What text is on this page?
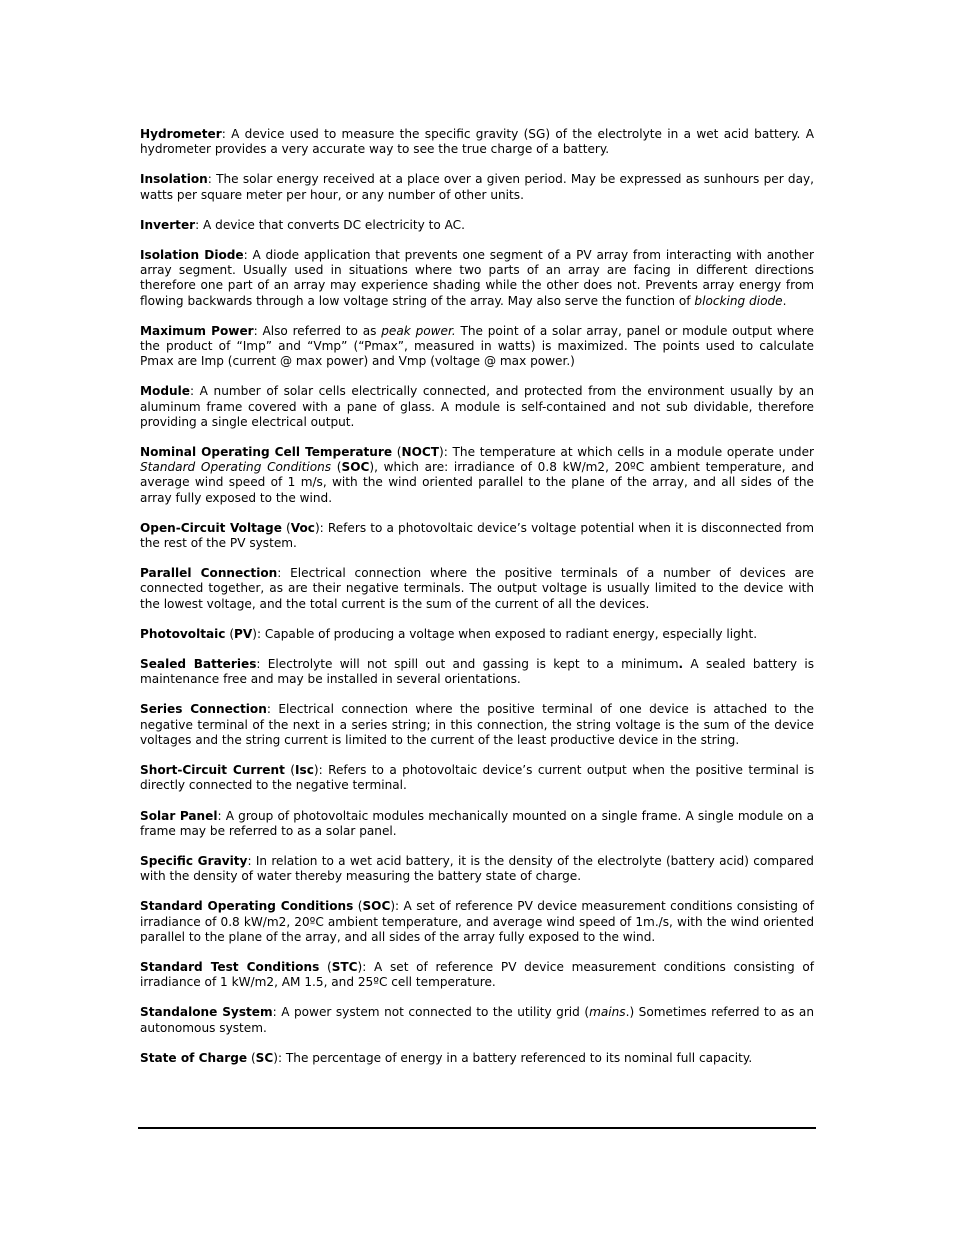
Hydrometer: A device used to measure the specific gravity (SG) of the electrolyte in a wet acid battery. A hydrometer provides a very accurate way to see the true charge of a battery.

Insolation: The solar energy received at a place over a given period. May be expressed as sunhours per day, watts per square meter per hour, or any number of other units.

Inverter: A device that converts DC electricity to AC.

Isolation Diode: A diode application that prevents one segment of a PV array from interacting with another array segment. Usually used in situations where two parts of an array are facing in different directions therefore one part of an array may experience shading while the other does not. Prevents array energy from flowing backwards through a low voltage string of the array. May also serve the function of blocking diode.

Maximum Power: Also referred to as peak power. The point of a solar array, panel or module output where the product of “Imp” and “Vmp” (“Pmax”, measured in watts) is maximized. The points used to calculate Pmax are Imp (current @ max power) and Vmp (voltage @ max power.)

Module: A number of solar cells electrically connected, and protected from the environment usually by an aluminum frame covered with a pane of glass. A module is self-contained and not sub dividable, therefore providing a single electrical output.

Nominal Operating Cell Temperature (NOCT): The temperature at which cells in a module operate under Standard Operating Conditions (SOC), which are: irradiance of 0.8 kW/m2, 20ºC ambient temperature, and average wind speed of 1 m/s, with the wind oriented parallel to the plane of the array, and all sides of the array fully exposed to the wind.

Open-Circuit Voltage (Voc): Refers to a photovoltaic device’s voltage potential when it is disconnected from the rest of the PV system.

Parallel Connection: Electrical connection where the positive terminals of a number of devices are connected together, as are their negative terminals. The output voltage is usually limited to the device with the lowest voltage, and the total current is the sum of the current of all the devices.

Photovoltaic (PV): Capable of producing a voltage when exposed to radiant energy, especially light.

Sealed Batteries: Electrolyte will not spill out and gassing is kept to a minimum. A sealed battery is maintenance free and may be installed in several orientations.

Series Connection: Electrical connection where the positive terminal of one device is attached to the negative terminal of the next in a series string; in this connection, the string voltage is the sum of the device voltages and the string current is limited to the current of the least productive device in the string.

Short-Circuit Current (Isc): Refers to a photovoltaic device’s current output when the positive terminal is directly connected to the negative terminal.

Solar Panel: A group of photovoltaic modules mechanically mounted on a single frame. A single module on a frame may be referred to as a solar panel.

Specific Gravity: In relation to a wet acid battery, it is the density of the electrolyte (battery acid) compared with the density of water thereby measuring the battery state of charge.

Standard Operating Conditions (SOC): A set of reference PV device measurement conditions consisting of irradiance of 0.8 kW/m2, 20ºC ambient temperature, and average wind speed of 1m./s, with the wind oriented parallel to the plane of the array, and all sides of the array fully exposed to the wind.

Standard Test Conditions (STC): A set of reference PV device measurement conditions consisting of irradiance of 1 kW/m2, AM 1.5, and 25ºC cell temperature.

Standalone System: A power system not connected to the utility grid (mains.) Sometimes referred to as an autonomous system.

State of Charge (SC): The percentage of energy in a battery referenced to its nominal full capacity.
